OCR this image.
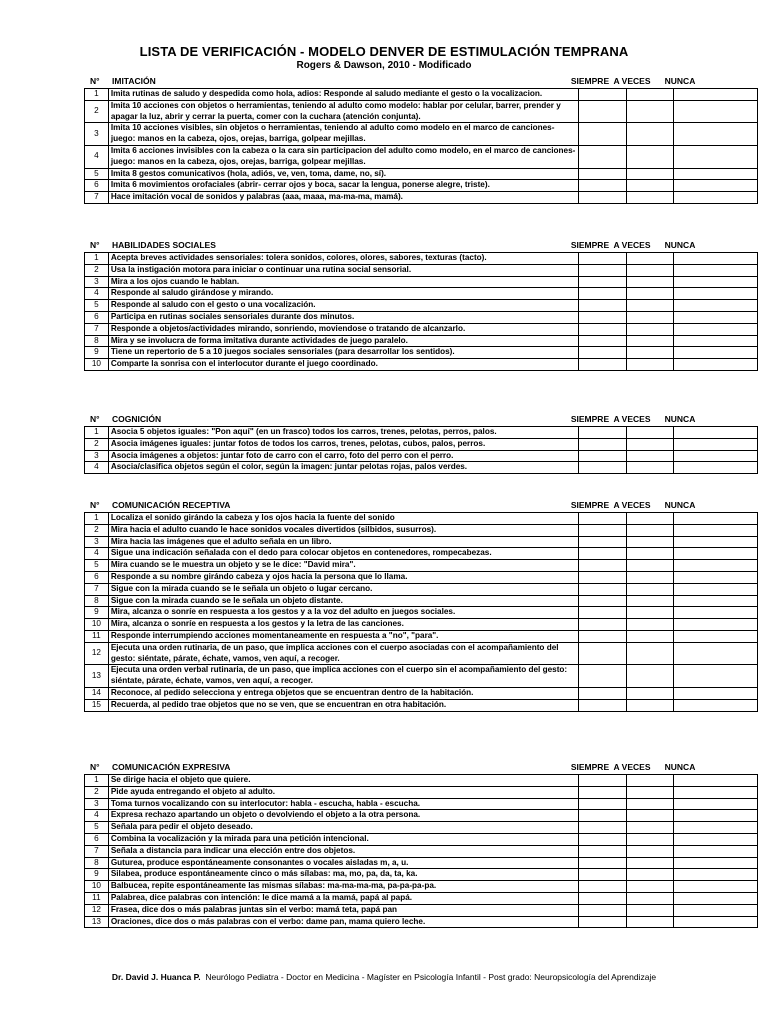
LISTA DE VERIFICACIÓN - MODELO DENVER DE ESTIMULACIÓN TEMPRANA
Rogers & Dawson, 2010 - Modificado
N° IMITACIÓN	SIEMPRE A VECES	NUNCA
1	Imita rutinas de saludo y despedida como hola, adios: Responde al saludo mediante el gesto o la vocalizacion.			
2	Imita 10 acciones con objetos o herramientas, teniendo al adulto como modelo: hablar por celular, barrer, prender y apagar la luz, abrir y cerrar la puerta, comer con la cuchara (atención conjunta).			
3	Imita 10 acciones visibles, sin objetos o herramientas, teniendo al adulto como modelo en el marco de canciones-juego: manos en la cabeza, ojos, orejas, barriga, golpear mejillas.			
4	Imita 6 acciones invisibles con la cabeza o la cara sin participacion del adulto como modelo, en el marco de canciones-juego: manos en la cabeza, ojos, orejas, barriga, golpear mejillas.			
5	Imita 8 gestos comunicativos (hola, adiós, ve, ven, toma, dame, no, sí).			
6	Imita 6 movimientos orofaciales (abrir- cerrar ojos y boca, sacar la lengua, ponerse alegre, triste).			
7	Hace imitación vocal de sonidos y palabras (aaa, maaa, ma-ma-ma, mamá).			
N° HABILIDADES SOCIALES	SIEMPRE A VECES	NUNCA
1	Acepta breves actividades sensoriales: tolera sonidos, colores, olores, sabores, texturas (tacto).			
2	Usa la instigación motora para iniciar o continuar una rutina social sensorial.			
3	Mira a los ojos cuando le hablan.			
4	Responde al saludo girándose y mirando.			
5	Responde al saludo con el gesto o una vocalización.			
6	Participa en rutinas sociales sensoriales durante dos minutos.			
7	Responde a objetos/actividades mirando, sonriendo, moviendose o tratando de alcanzarlo.			
8	Mira y se involucra de forma imitativa durante actividades de juego paralelo.			
9	Tiene un repertorio de 5 a 10 juegos sociales sensoriales (para desarrollar los sentidos).			
10	Comparte la sonrisa con el interlocutor durante el juego coordinado.			
N° COGNICIÓN	SIEMPRE A VECES	NUNCA
1	Asocia 5 objetos iguales: "Pon aquí" (en un frasco) todos los carros, trenes, pelotas, perros, palos.			
2	Asocia imágenes iguales: juntar fotos de todos los carros, trenes, pelotas, cubos, palos, perros.			
3	Asocia imágenes a objetos: juntar foto de carro con el carro, foto del perro con el perro.			
4	Asocia/clasifica objetos según el color, según la imagen: juntar pelotas rojas, palos verdes.			
N° COMUNICACIÓN RECEPTIVA	SIEMPRE A VECES	NUNCA
1	Localiza el sonido girándo la cabeza y los ojos hacia la fuente del sonido			
2	Mira hacia el adulto cuando le hace sonidos vocales divertidos (silbidos, susurros).			
3	Mira hacia las imágenes que el adulto señala en un libro.			
4	Sigue una indicación señalada con el dedo para colocar objetos en contenedores, rompecabezas.			
5	Mira cuando se le muestra un objeto y se le dice: "David mira".			
6	Responde a su nombre girándo cabeza y ojos hacia la persona que lo llama.			
7	Sigue con la mirada cuando se le señala un objeto o lugar cercano.			
8	Sigue con la mirada cuando se le señala un objeto distante.			
9	Mira, alcanza o sonríe en respuesta a los gestos y a la voz del adulto en juegos sociales.			
10	Mira, alcanza o sonríe en respuesta a los gestos y la letra de las canciones.			
11	Responde interrumpiendo acciones momentaneamente en respuesta a "no", "para".			
12	Ejecuta una orden rutinaria, de un paso, que implica acciones con el cuerpo asociadas con el acompañamiento del gesto: siéntate, párate, échate, vamos, ven aquí, a recoger.			
13	Ejecuta una orden verbal rutinaria, de un paso, que implica acciones con el cuerpo sin el acompañamiento del gesto: siéntate, párate, échate, vamos, ven aquí, a recoger.			
14	Reconoce, al pedido selecciona y entrega objetos que se encuentran dentro de la habitación.			
15	Recuerda, al pedido trae objetos que no se ven, que se encuentran en otra habitación.			
N° COMUNICACIÓN EXPRESIVA	SIEMPRE A VECES	NUNCA
1	Se dirige hacia el objeto que quiere.			
2	Pide ayuda entregando el objeto al adulto.			
3	Toma turnos vocalizando con su interlocutor: habla - escucha, habla - escucha.			
4	Expresa rechazo apartando un objeto o devolviendo el objeto a la otra persona.			
5	Señala para pedir el objeto deseado.			
6	Combina la vocalización y la mirada para una petición intencional.			
7	Señala a distancia para indicar una elección entre dos objetos.			
8	Guturea, produce espontáneamente consonantes o vocales aisladas m, a, u.			
9	Silabea, produce espontáneamente cinco o más sílabas: ma, mo, pa, da, ta, ka.			
10	Balbucea, repite espontáneamente las mismas sílabas: ma-ma-ma-ma, pa-pa-pa-pa.			
11	Palabrea, dice palabras con intención: le dice mamá a la mamá, papá al papá.			
12	Frasea, dice dos o más palabras juntas sin el verbo: mamá teta, papá pan			
13	Oraciones, dice dos o más palabras con el verbo: dame pan, mama quiero leche.			
Dr. David J. Huanca P. Neurólogo Pediatra - Doctor en Medicina - Magíster en Psicología Infantil - Post grado: Neuropsicología del Aprendizaje
